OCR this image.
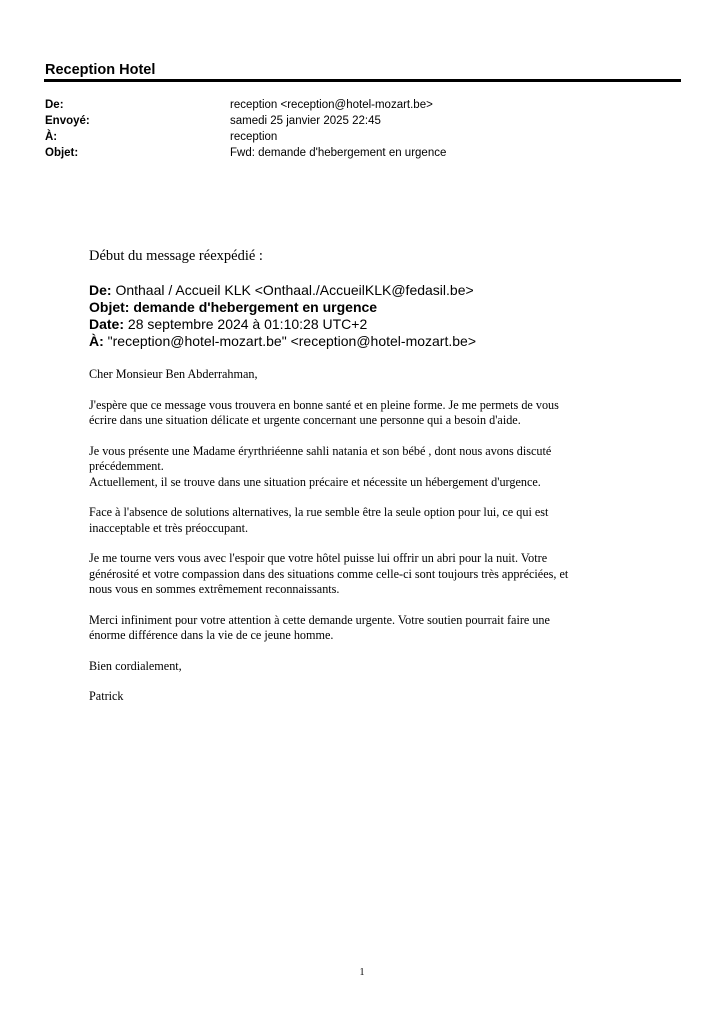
Reception Hotel
De:	reception <reception@hotel-mozart.be>
Envoyé:	samedi 25 janvier 2025 22:45
À:	reception
Objet:	Fwd: demande d'hebergement en urgence
Début du message réexpédié :
De: Onthaal / Accueil KLK <Onthaal./AccueilKLK@fedasil.be>
Objet: demande d'hebergement en urgence
Date: 28 septembre 2024 à 01:10:28 UTC+2
À: "reception@hotel-mozart.be" <reception@hotel-mozart.be>

Cher Monsieur Ben Abderrahman,

J'espère que ce message vous trouvera en bonne santé et en pleine forme. Je me permets de vous

écrire dans une situation délicate et urgente concernant une personne qui a besoin d'aide.

Je vous présente une Madame éryrthriéenne sahli natania et son bébé , dont nous avons discuté

précédemment.

Actuellement, il se trouve dans une situation précaire et nécessite un hébergement d'urgence.

Face à l'absence de solutions alternatives, la rue semble être la seule option pour lui, ce qui est

inacceptable et très préoccupant.

Je me tourne vers vous avec l'espoir que votre hôtel puisse lui offrir un abri pour la nuit. Votre

générosité et votre compassion dans des situations comme celle-ci sont toujours très appréciées, et

nous vous en sommes extrêmement reconnaissants.

Merci infiniment pour votre attention à cette demande urgente. Votre soutien pourrait faire une

énorme différence dans la vie de ce jeune homme.

Bien cordialement,

Patrick

1
